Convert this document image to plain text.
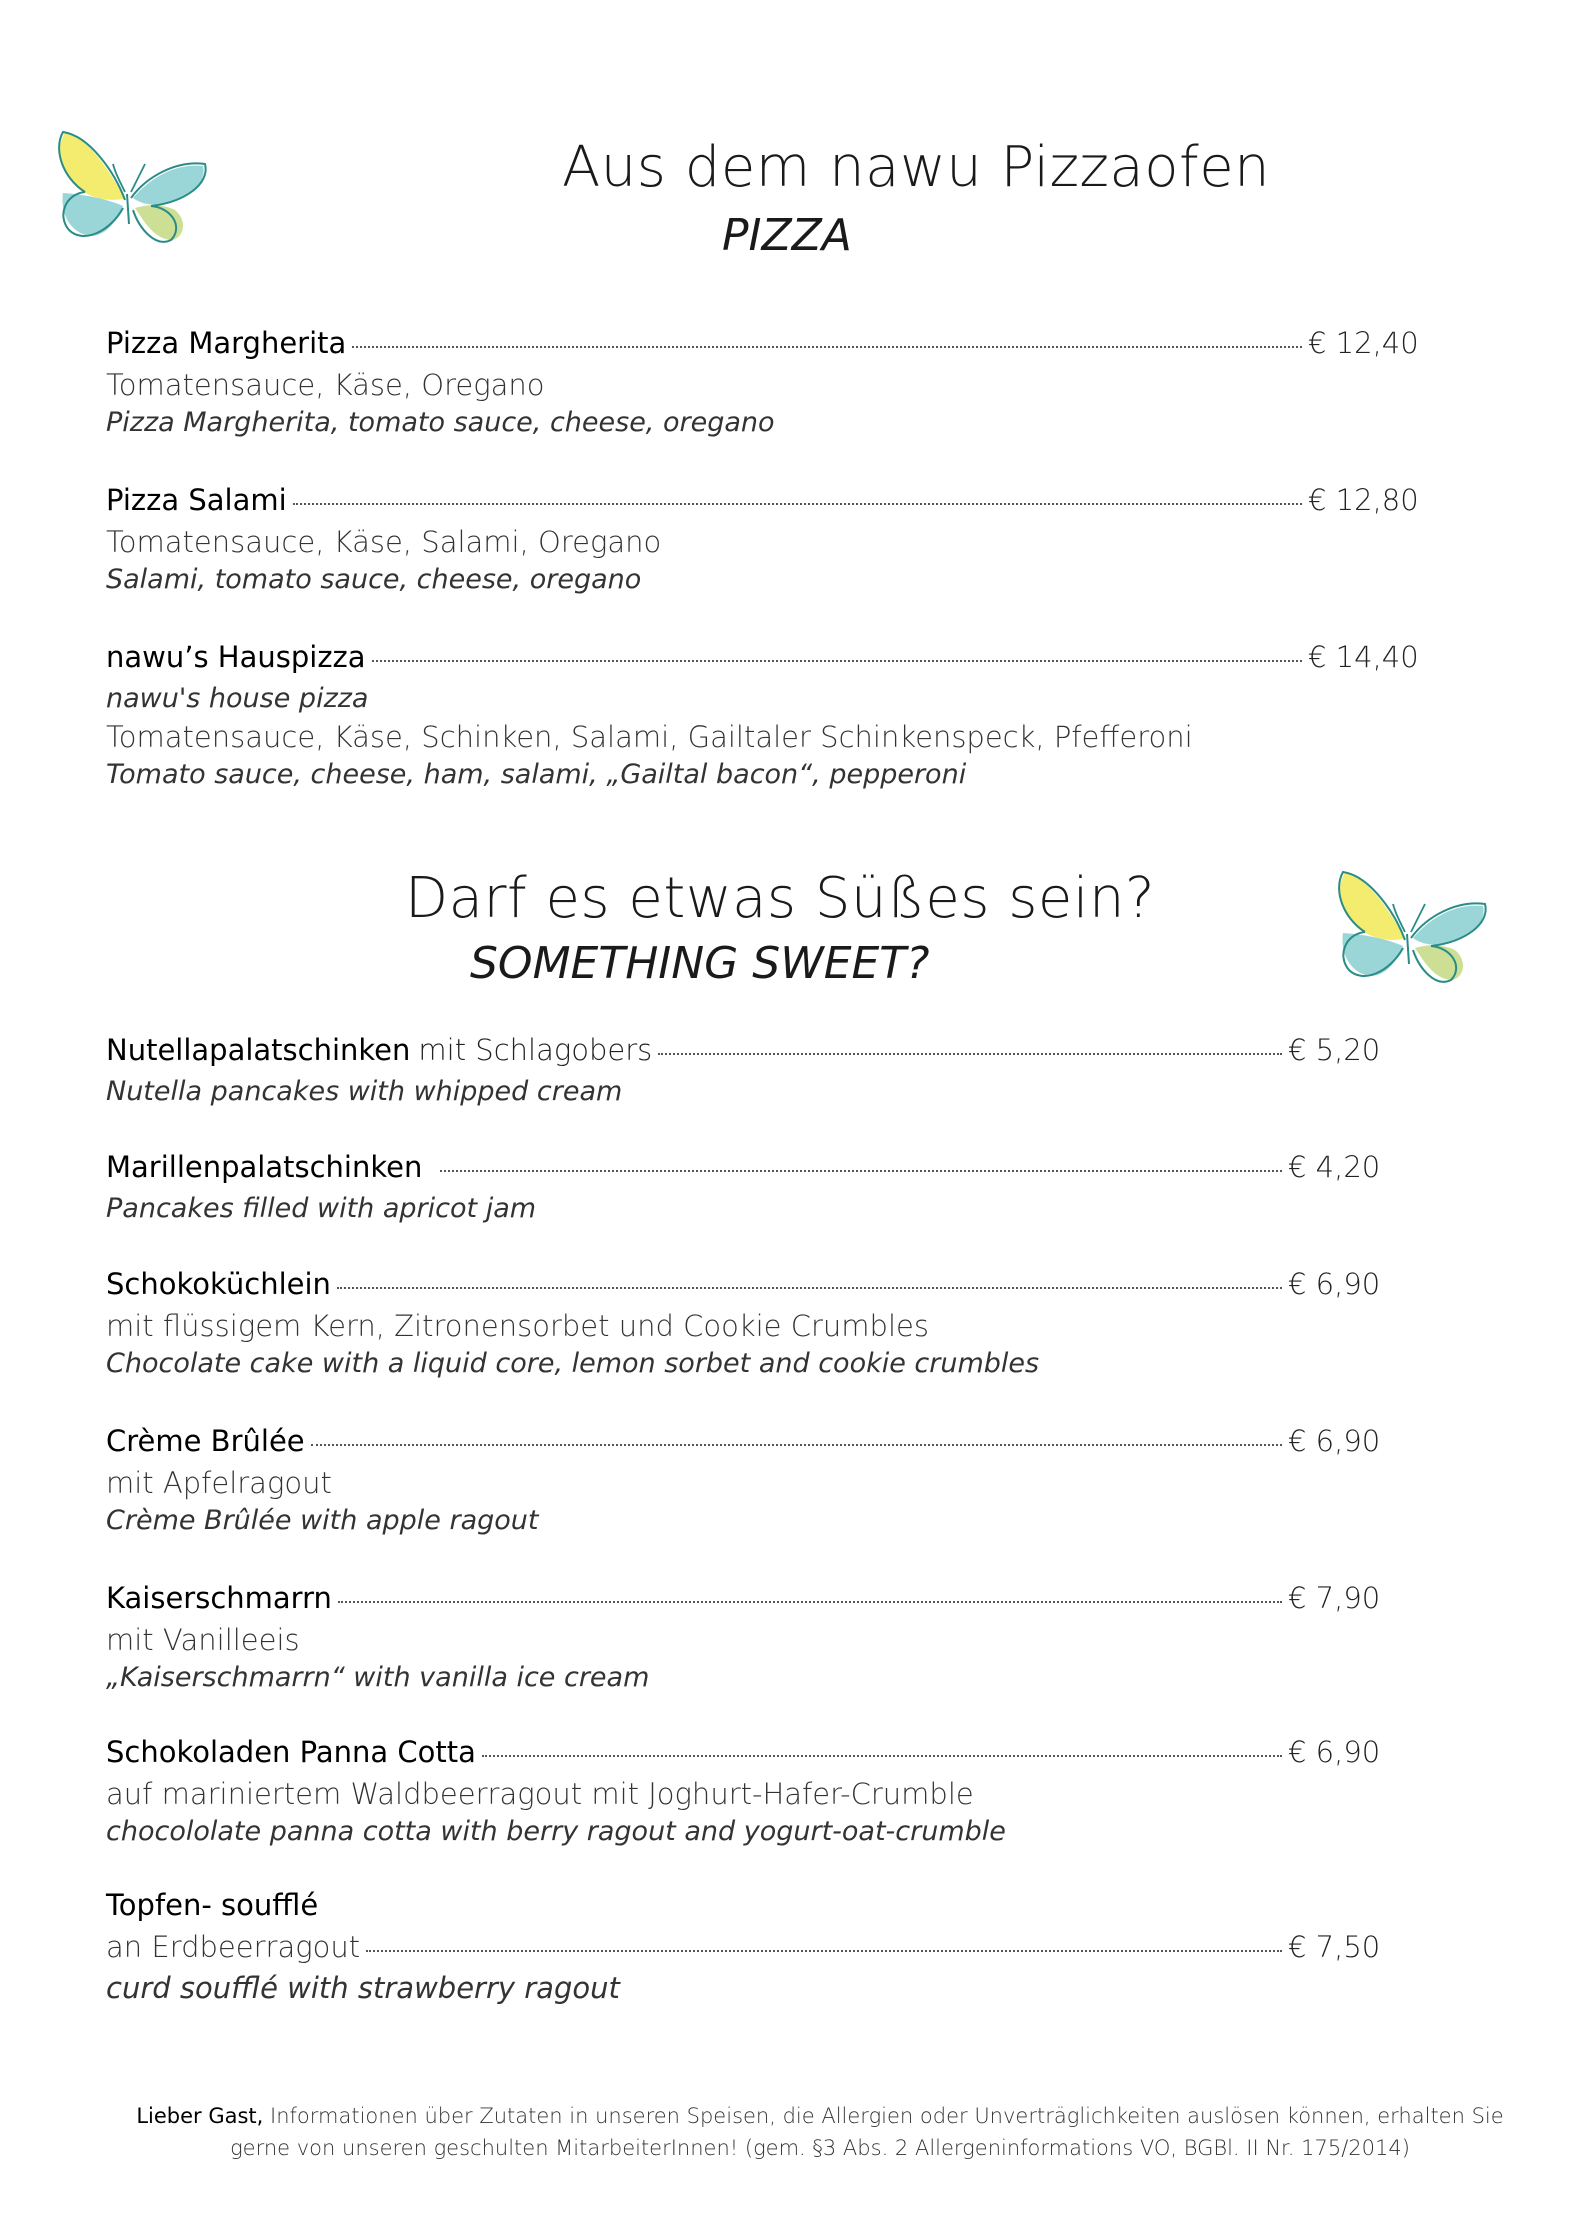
Aus dem nawu Pizzaofen
PIZZA
Pizza Margherita	€ 12,40
Tomatensauce, Käse, Oregano
Pizza Margherita, tomato sauce, cheese, oregano
Pizza Salami	€ 12,80
Tomatensauce, Käse, Salami, Oregano
Salami, tomato sauce, cheese, oregano
nawu’s Hauspizza	€ 14,40
nawu's house pizza
Tomatensauce, Käse, Schinken, Salami, Gailtaler Schinkenspeck, Pfefferoni
Tomato sauce, cheese, ham, salami, „Gailtal bacon“, pepperoni
Darf es etwas Süßes sein?
SOMETHING SWEET?
Nutellapalatschinken mit Schlagobers	€ 5,20
Nutella pancakes with whipped cream
Marillenpalatschinken	€ 4,20
Pancakes filled with apricot jam
Schokoküchlein	€ 6,90
mit flüssigem Kern, Zitronensorbet und Cookie Crumbles
Chocolate cake with a liquid core, lemon sorbet and cookie crumbles
Crème Brûlée	€ 6,90
mit Apfelragout
Crème Brûlée with apple ragout
Kaiserschmarrn	€ 7,90
mit Vanilleeis
„Kaiserschmarrn“ with vanilla ice cream
Schokoladen Panna Cotta	€ 6,90
auf mariniertem Waldbeerragout mit Joghurt-Hafer-Crumble
chocololate panna cotta with berry ragout and yogurt-oat-crumble
Topfen- soufflé
an Erdbeerragout	€ 7,50
curd soufflé with strawberry ragout
Lieber Gast, Informationen über Zutaten in unseren Speisen, die Allergien oder Unverträglichkeiten auslösen können, erhalten Sie
gerne von unseren geschulten MitarbeiterInnen! (gem. §3 Abs. 2 Allergeninformations VO, BGBl. II Nr. 175/2014)
